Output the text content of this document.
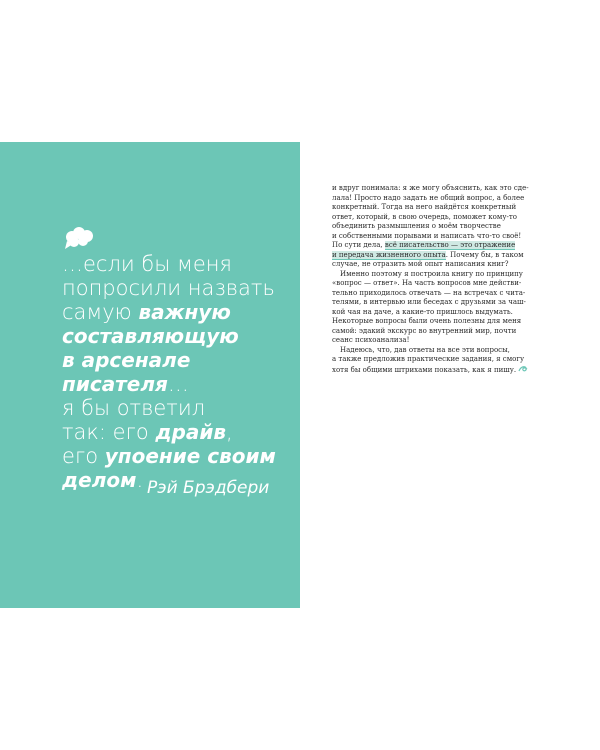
…если бы меня
попросили назвать
самую важную
составляющую
в арсенале
писателя…
я бы ответил
так: его драйв,
его упоение своим
делом. Рэй Брэдбери
и вдруг понимала: я же могу объяснить, как это сде-
лала! Просто надо задать не общий вопрос, а более
конкретный. Тогда на него найдётся конкретный
ответ, который, в свою очередь, поможет кому-то
объединить размышления о моём творчестве
и собственными порывами и написать что-то своё!
По сути дела, всё писательство — это отражение
и передача жизненного опыта. Почему бы, в таком
случае, не отразить мой опыт написания книг?
Именно поэтому я построила книгу по принципу
«вопрос — ответ». На часть вопросов мне действи-
тельно приходилось отвечать — на встречах с чита-
телями, в интервью или беседах с друзьями за чаш-
кой чая на даче, а какие-то пришлось выдумать.
Некоторые вопросы были очень полезны для меня
самой: эдакий экскурс во внутренний мир, почти
сеанс психоанализа!
Надеюсь, что, дав ответы на все эти вопросы,
а также предложив практические задания, я смогу
хотя бы общими штрихами показать, как я пишу.
